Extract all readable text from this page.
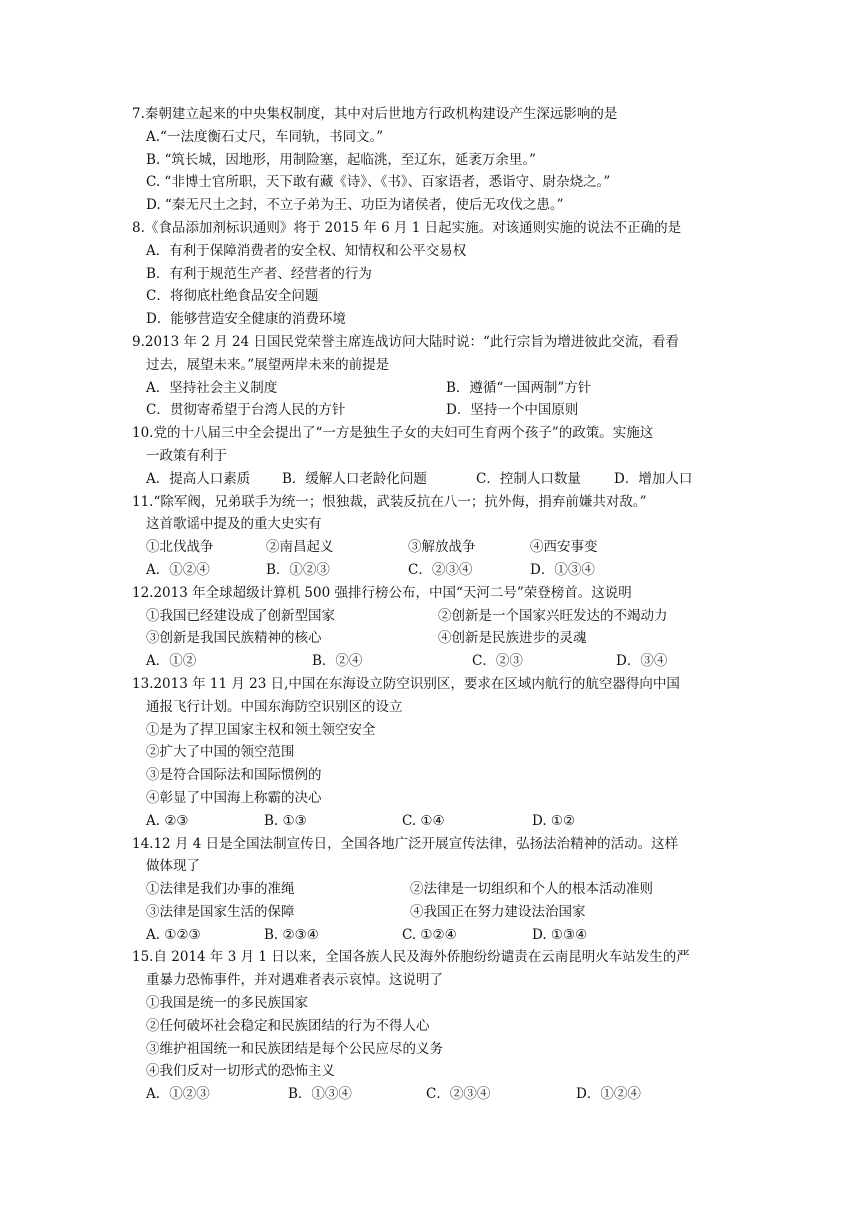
7.秦朝建立起来的中央集权制度，其中对后世地方行政机构建设产生深远影响的是
A.“一法度衡石丈尺，车同轨，书同文。”
B. “筑长城，因地形，用制险塞，起临洮，至辽东，延袤万余里。”
C. “非博士官所职，天下敢有藏《诗》、《书》、百家语者，悉诣守、尉杂烧之。”
D. “秦无尺土之封，不立子弟为王、功臣为诸侯者，使后无攻伐之患。”
8.《食品添加剂标识通则》将于 2015 年 6 月 1 日起实施。对该通则实施的说法不正确的是
A．有利于保障消费者的安全权、知情权和公平交易权
B．有利于规范生产者、经营者的行为
C．将彻底杜绝食品安全问题
D．能够营造安全健康的消费环境
9.2013 年 2 月 24 日国民党荣誉主席连战访问大陆时说：“此行宗旨为增进彼此交流，看看
过去，展望未来。”展望两岸未来的前提是
A．坚持社会主义制度	B．遵循“一国两制”方针
C．贯彻寄希望于台湾人民的方针	D．坚持一个中国原则
10.党的十八届三中全会提出了“一方是独生子女的夫妇可生育两个孩子”的政策。实施这
一政策有利于
A．提高人口素质 B．缓解人口老龄化问题	C．控制人口数量 D．增加人口
11.“除军阀，兄弟联手为统一；恨独裁，武装反抗在八一；抗外侮，捐弃前嫌共对敌。”
这首歌谣中提及的重大史实有
①北伐战争	②南昌起义	③解放战争	④西安事变
A．①②④	B．①②③	C．②③④	D．①③④
12.2013 年全球超级计算机 500 强排行榜公布，中国“天河二号”荣登榜首。这说明
①我国已经建设成了创新型国家	②创新是一个国家兴旺发达的不竭动力
③创新是我国民族精神的核心	④创新是民族进步的灵魂
A．①②	B．②④	C．②③	D．③④
13.2013 年 11 月 23 日,中国在东海设立防空识别区，要求在区域内航行的航空器得向中国
通报飞行计划。中国东海防空识别区的设立
①是为了捍卫国家主权和领土领空安全
②扩大了中国的领空范围
③是符合国际法和国际惯例的
④彰显了中国海上称霸的决心
A. ②③	B. ①③	C. ①④	D. ①②
14.12 月 4 日是全国法制宣传日，全国各地广泛开展宣传法律，弘扬法治精神的活动。这样
做体现了
①法律是我们办事的准绳	②法律是一切组织和个人的根本活动准则
③法律是国家生活的保障	④我国正在努力建设法治国家
A. ①②③	B. ②③④	C. ①②④	D. ①③④
15.自 2014 年 3 月 1 日以来，全国各族人民及海外侨胞纷纷谴责在云南昆明火车站发生的严
重暴力恐怖事件，并对遇难者表示哀悼。这说明了
①我国是统一的多民族国家
②任何破坏社会稳定和民族团结的行为不得人心
③维护祖国统一和民族团结是每个公民应尽的义务
④我们反对一切形式的恐怖主义
A．①②③	B．①③④	C．②③④	D．①②④
